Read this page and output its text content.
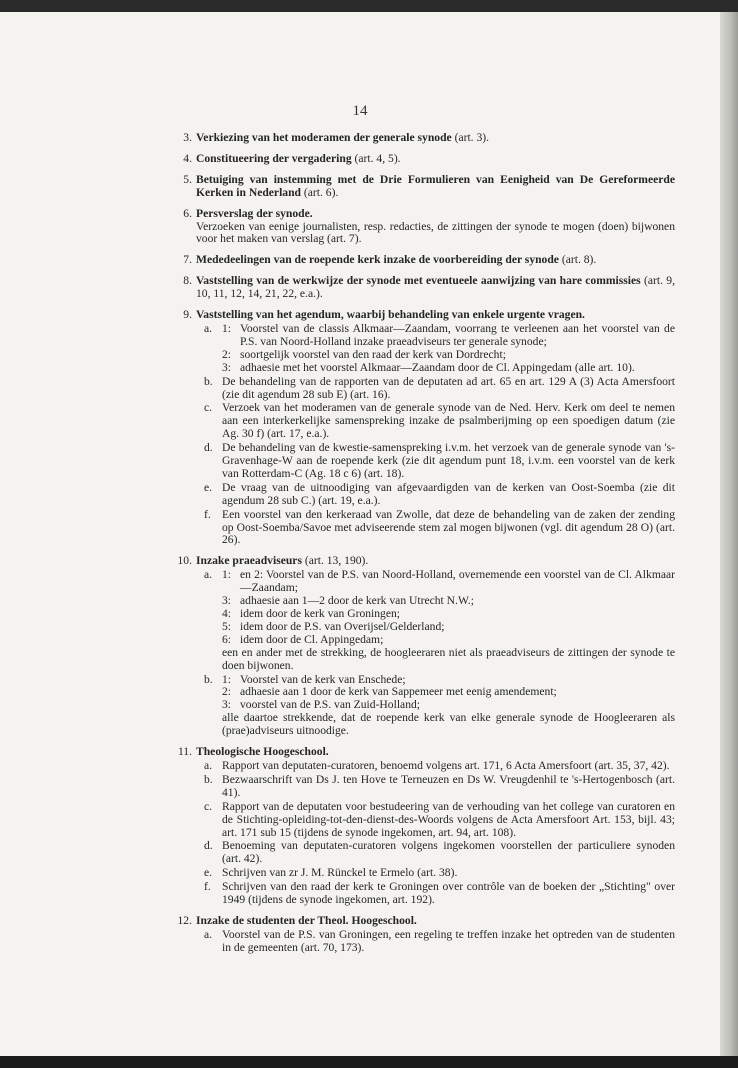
14
3. Verkiezing van het moderamen der generale synode (art. 3).
4. Constitueering der vergadering (art. 4, 5).
5. Betuiging van instemming met de Drie Formulieren van Eenigheid van De Gereformeerde Kerken in Nederland (art. 6).
6. Persverslag der synode.
Verzoeken van eenige journalisten, resp. redacties, de zittingen der synode te mogen (doen) bijwonen voor het maken van verslag (art. 7).
7. Mededeelingen van de roepende kerk inzake de voorbereiding der synode (art. 8).
8. Vaststelling van de werkwijze der synode met eventueele aanwijzing van hare commissies (art. 9, 10, 11, 12, 14, 21, 22, e.a.).
9. Vaststelling van het agendum, waarbij behandeling van enkele urgente vragen.
a. 1: Voorstel van de classis Alkmaar—Zaandam, voorrang te verleenen aan het voorstel van de P.S. van Noord-Holland inzake praeadviseurs ter generale synode;
2: soortgelijk voorstel van den raad der kerk van Dordrecht;
3: adhaesie met het voorstel Alkmaar—Zaandam door de Cl. Appingedam (alle art. 10).
b. De behandeling van de rapporten van de deputaten ad art. 65 en art. 129 A (3) Acta Amersfoort (zie dit agendum 28 sub E) (art. 16).
c. Verzoek van het moderamen van de generale synode van de Ned. Herv. Kerk om deel te nemen aan een interkerkelijke samenspreking inzake de psalmberijming op een spoedigen datum (zie Ag. 30 f) (art. 17, e.a.).
d. De behandeling van de kwestie-samenspreking i.v.m. het verzoek van de generale synode van 's-Gravenhage-W aan de roepende kerk (zie dit agendum punt 18, i.v.m. een voorstel van de kerk van Rotterdam-C (Ag. 18 c 6) (art. 18).
e. De vraag van de uitnoodiging van afgevaardigden van de kerken van Oost-Soemba (zie dit agendum 28 sub C.) (art. 19, e.a.).
f. Een voorstel van den kerkeraad van Zwolle, dat deze de behandeling van de zaken der zending op Oost-Soemba/Savoe met adviseerende stem zal mogen bijwonen (vgl. dit agendum 28 O) (art. 26).
10. Inzake praeadviseurs (art. 13, 190).
a. 1: en 2: Voorstel van de P.S. van Noord-Holland, overnemende een voorstel van de Cl. Alkmaar—Zaandam;
3: adhaesie aan 1—2 door de kerk van Utrecht N.W.;
4: idem door de kerk van Groningen;
5: idem door de P.S. van Overijsel/Gelderland;
6: idem door de Cl. Appingedam;
een en ander met de strekking, de hoogleeraren niet als praeadviseurs de zittingen der synode te doen bijwonen.
b. 1: Voorstel van de kerk van Enschede;
2: adhaesie aan 1 door de kerk van Sappemeer met eenig amendement;
3: voorstel van de P.S. van Zuid-Holland;
alle daartoe strekkende, dat de roepende kerk van elke generale synode de Hoogleeraren als (prae)adviseurs uitnoodige.
11. Theologische Hoogeschool.
a. Rapport van deputaten-curatoren, benoemd volgens art. 171, 6 Acta Amersfoort (art. 35, 37, 42).
b. Bezwaarschrift van Ds J. ten Hove te Terneuzen en Ds W. Vreugdenhil te 's-Hertogenbosch (art. 41).
c. Rapport van de deputaten voor bestudeering van de verhouding van het college van curatoren en de Stichting-opleiding-tot-den-dienst-des-Woords volgens de Acta Amersfoort Art. 153, bijl. 43; art. 171 sub 15 (tijdens de synode ingekomen, art. 94, art. 108).
d. Benoeming van deputaten-curatoren volgens ingekomen voorstellen der particuliere synoden (art. 42).
e. Schrijven van zr J. M. Rünckel te Ermelo (art. 38).
f. Schrijven van den raad der kerk te Groningen over contrôle van de boeken der „Stichting" over 1949 (tijdens de synode ingekomen, art. 192).
12. Inzake de studenten der Theol. Hoogeschool.
a. Voorstel van de P.S. van Groningen, een regeling te treffen inzake het optreden van de studenten in de gemeenten (art. 70, 173).
